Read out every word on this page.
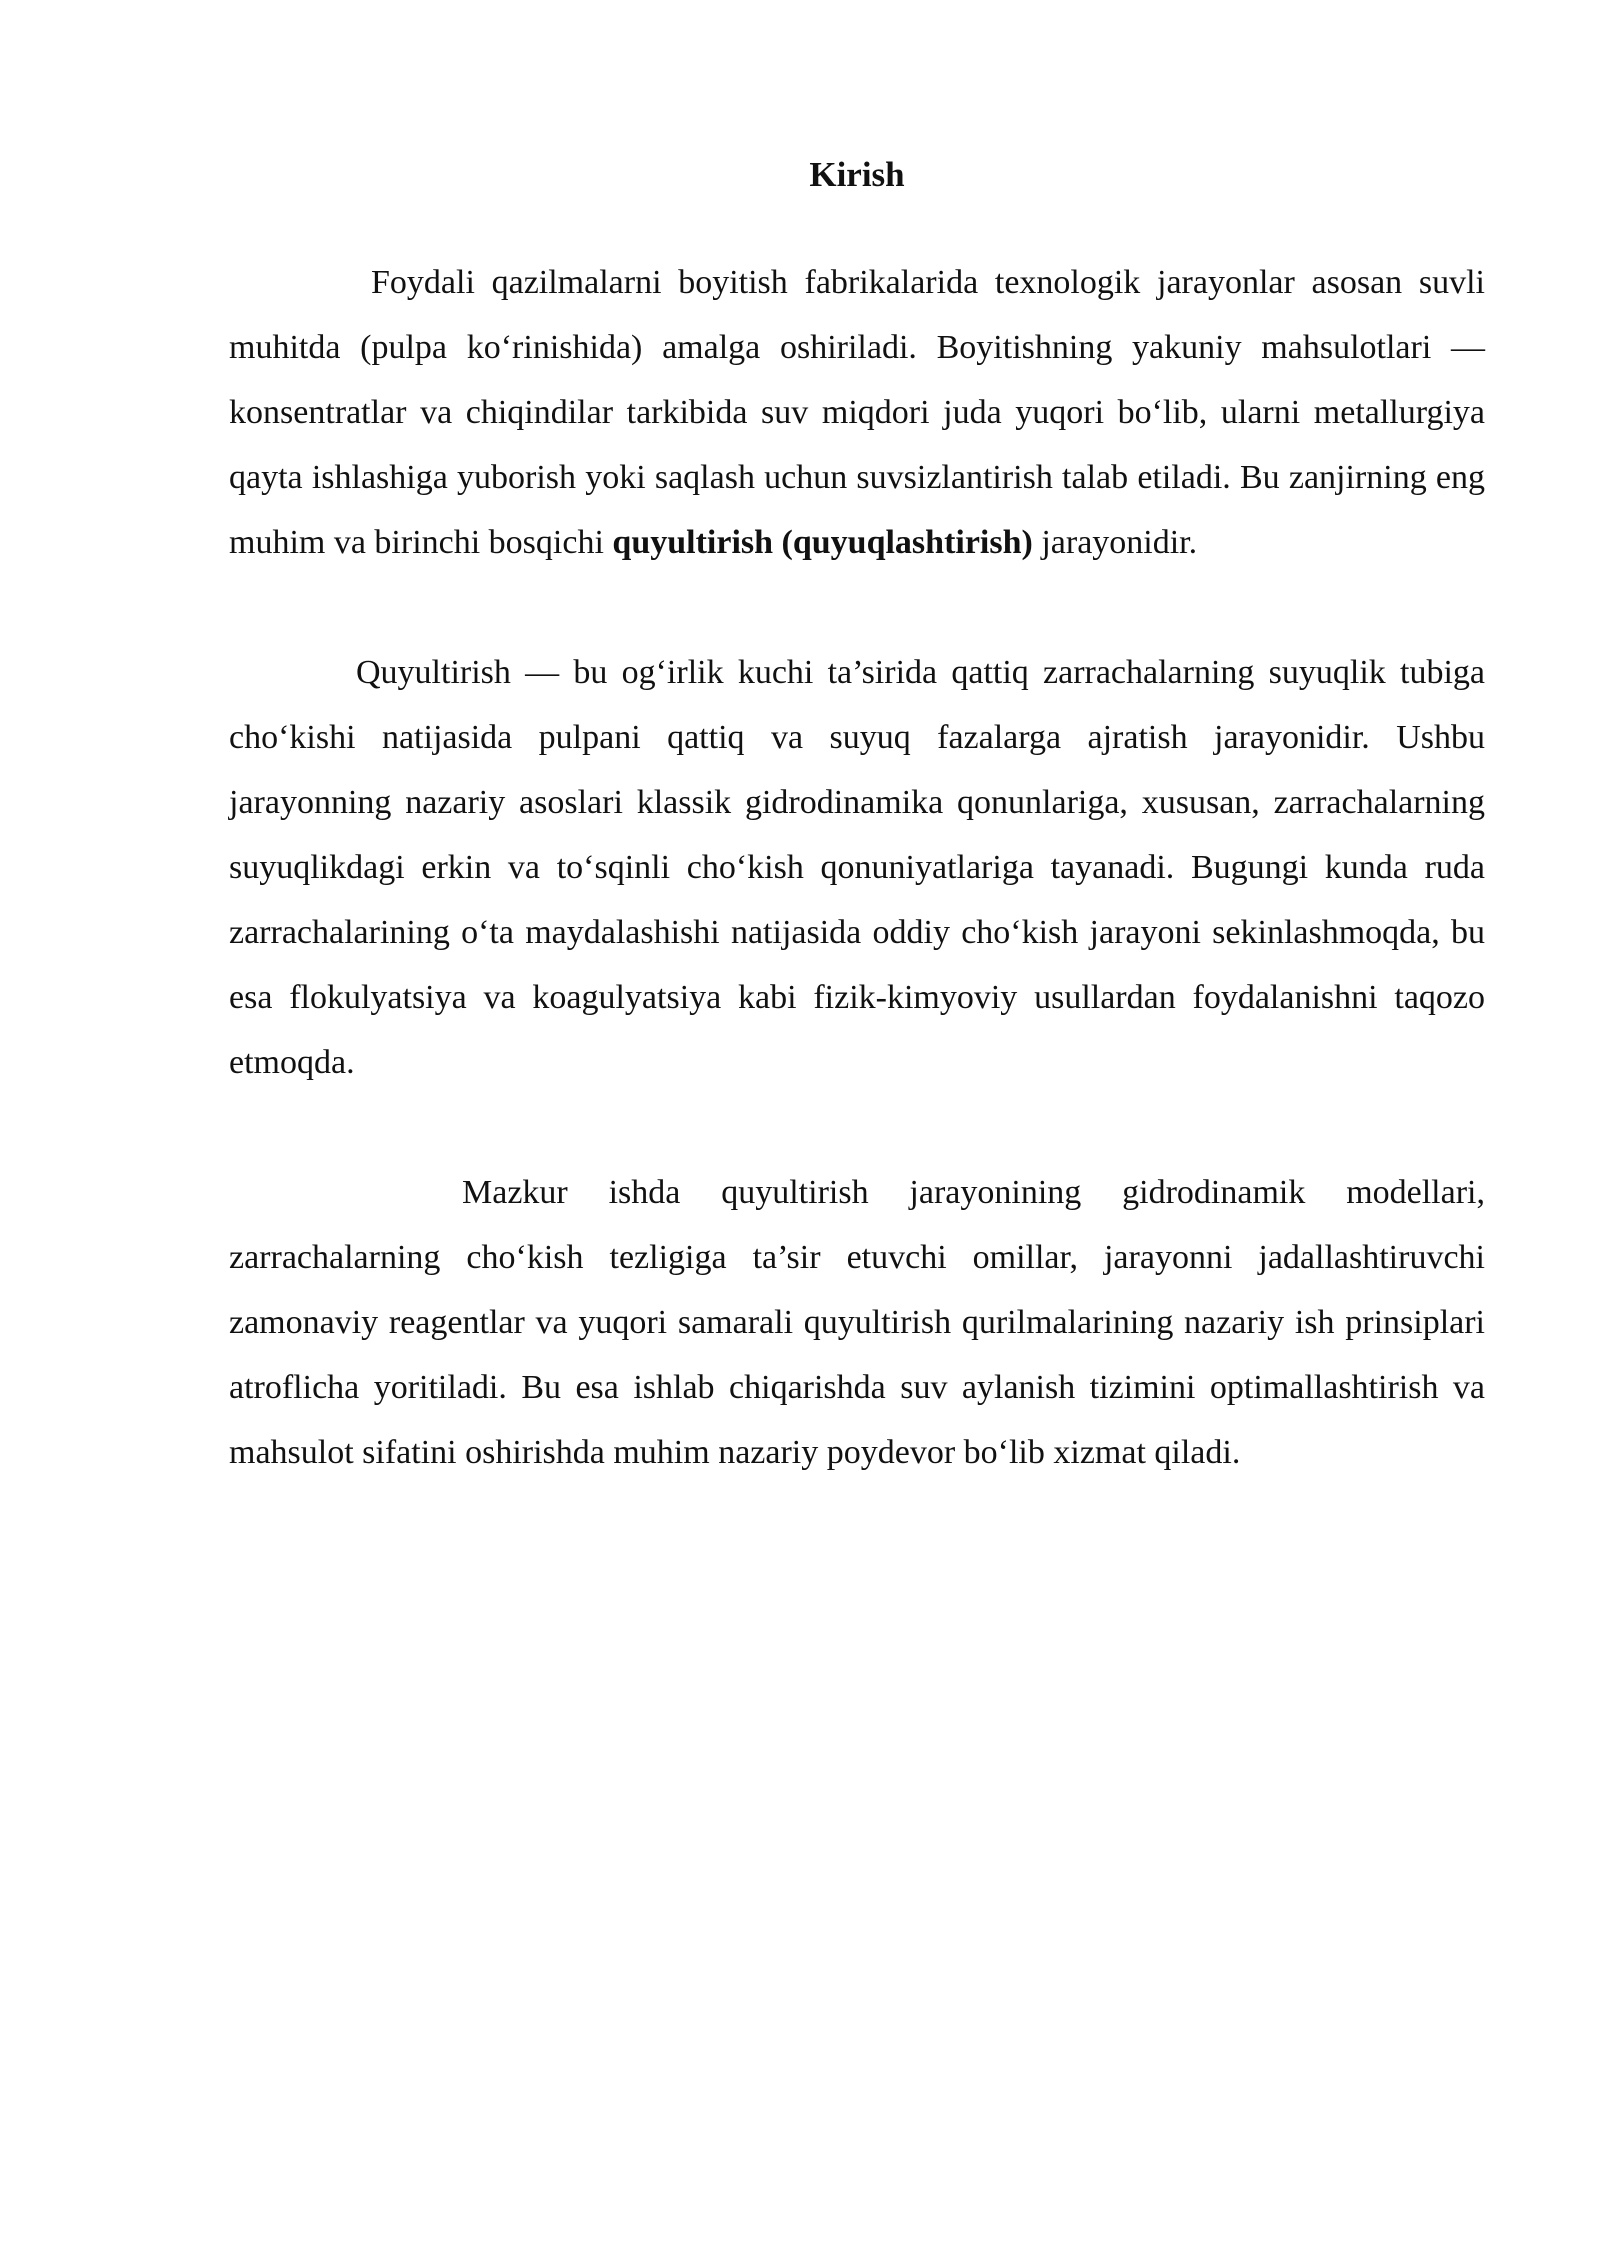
Kirish

Foydali qazilmalarni boyitish fabrikalarida texnologik jarayonlar asosan suvli muhitda (pulpa ko‘rinishida) amalga oshiriladi. Boyitishning yakuniy mahsulotlari — konsentratlar va chiqindilar tarkibida suv miqdori juda yuqori bo‘lib, ularni metallurgiya qayta ishlashiga yuborish yoki saqlash uchun suvsizlantirish talab etiladi. Bu zanjirning eng muhim va birinchi bosqichi quyultirish (quyuqlashtirish) jarayonidir.

Quyultirish — bu og‘irlik kuchi ta’sirida qattiq zarrachalarning suyuqlik tubiga cho‘kishi natijasida pulpani qattiq va suyuq fazalarga ajratish jarayonidir. Ushbu jarayonning nazariy asoslari klassik gidrodinamika qonunlariga, xususan, zarrachalarning suyuqlikdagi erkin va to‘sqinli cho‘kish qonuniyatlariga tayanadi. Bugungi kunda ruda zarrachalarining o‘ta maydalashishi natijasida oddiy cho‘kish jarayoni sekinlashmoqda, bu esa flokulyatsiya va koagulyatsiya kabi fizik-kimyoviy usullardan foydalanishni taqozo etmoqda.

Mazkur ishda quyultirish jarayonining gidrodinamik modellari, zarrachalarning cho‘kish tezligiga ta’sir etuvchi omillar, jarayonni jadallashtiruvchi zamonaviy reagentlar va yuqori samarali quyultirish qurilmalarining nazariy ish prinsiplari atroflicha yoritiladi. Bu esa ishlab chiqarishda suv aylanish tizimini optimallashtirish va mahsulot sifatini oshirishda muhim nazariy poydevor bo‘lib xizmat qiladi.
